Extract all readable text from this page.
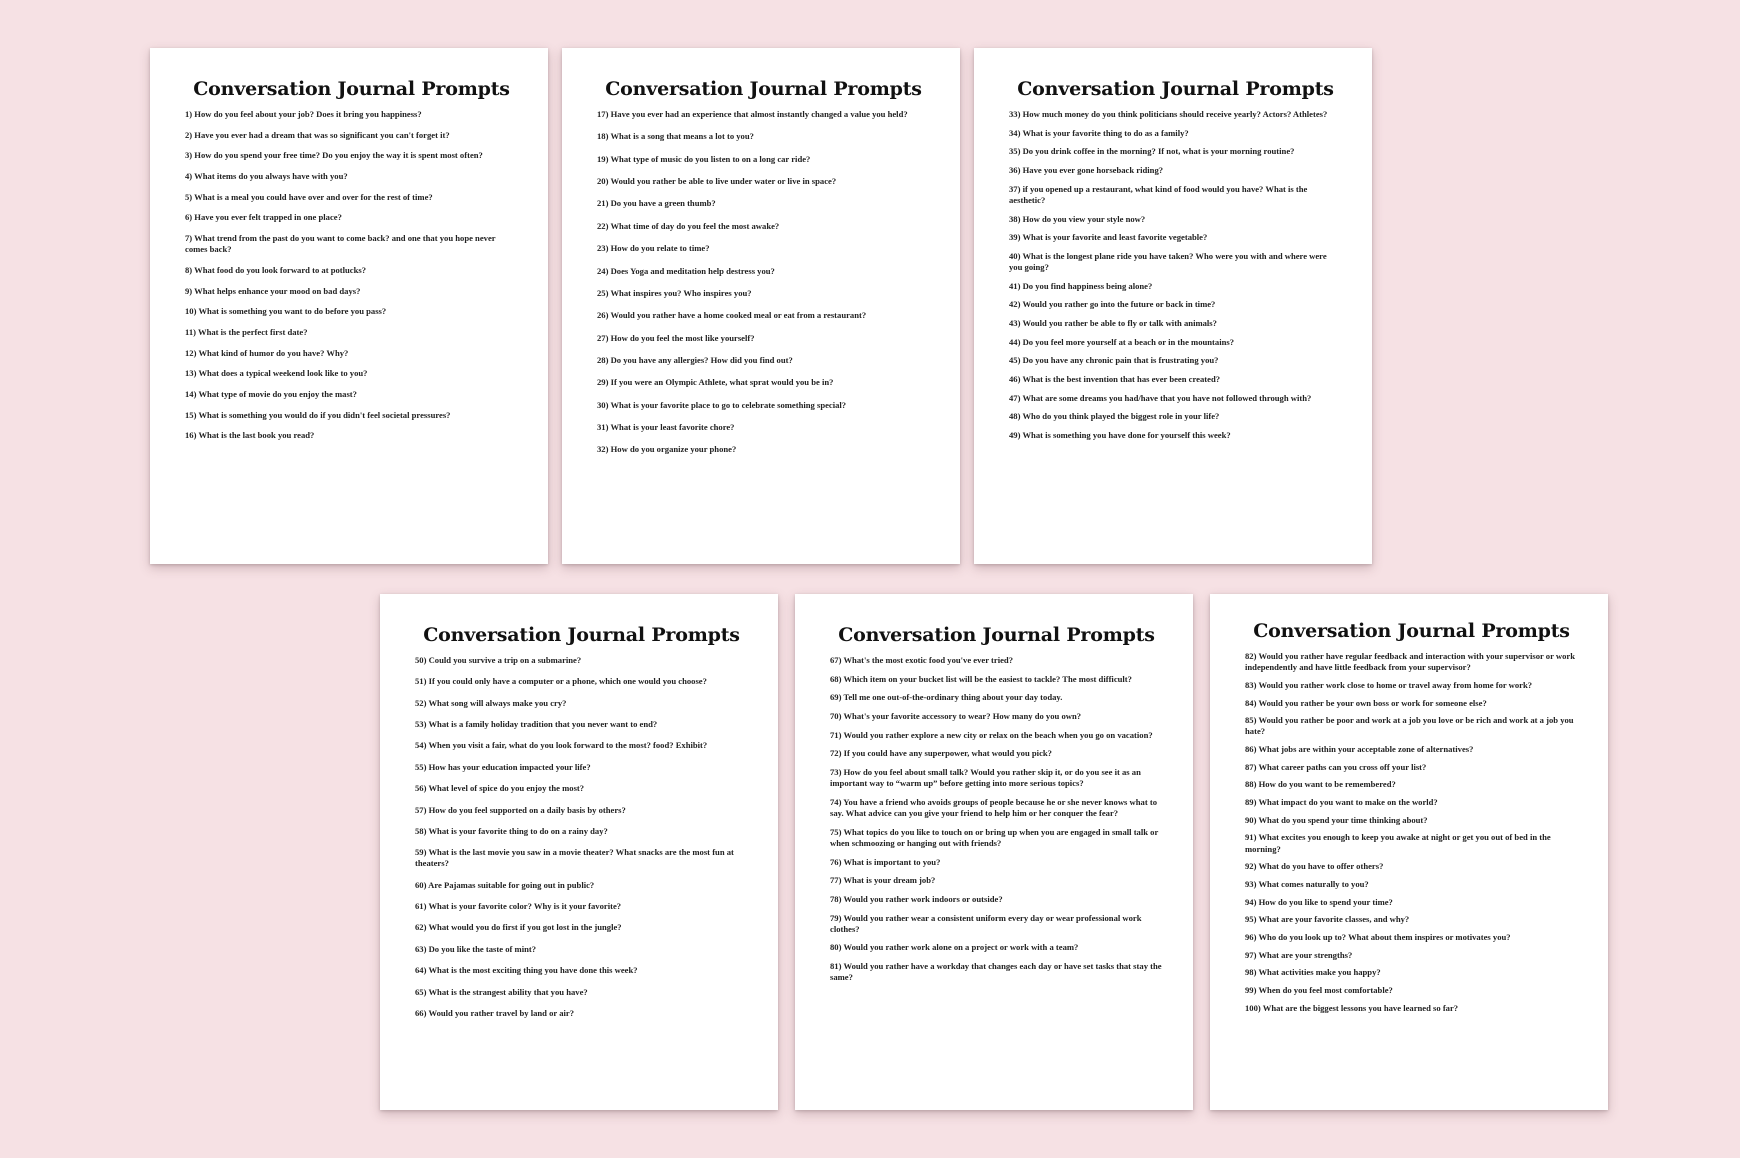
Conversation Journal Prompts
1) How do you feel about your job? Does it bring you happiness?
2) Have you ever had a dream that was so significant you can't forget it?
3) How do you spend your free time? Do you enjoy the way it is spent most often?
4) What items do you always have with you?
5) What is a meal you could have over and over for the rest of time?
6) Have you ever felt trapped in one place?
7) What trend from the past do you want to come back? and one that you hope never comes back?
8) What food do you look forward to at potlucks?
9) What helps enhance your mood on bad days?
10) What is something you want to do before you pass?
11) What is the perfect first date?
12) What kind of humor do you have? Why?
13) What does a typical weekend look like to you?
14) What type of movie do you enjoy the mast?
15) What is something you would do if you didn't feel societal pressures?
16) What is the last book you read?
Conversation Journal Prompts
17) Have you ever had an experience that almost instantly changed a value you held?
18) What is a song that means a lot to you?
19) What type of music do you listen to on a long car ride?
20) Would you rather be able to live under water or live in space?
21) Do you have a green thumb?
22) What time of day do you feel the most awake?
23) How do you relate to time?
24) Does Yoga and meditation help destress you?
25) What inspires you? Who inspires you?
26) Would you rather have a home cooked meal or eat from a restaurant?
27) How do you feel the most like yourself?
28) Do you have any allergies? How did you find out?
29) If you were an Olympic Athlete, what sprat would you be in?
30) What is your favorite place to go to celebrate something special?
31) What is your least favorite chore?
32) How do you organize your phone?
Conversation Journal Prompts
33) How much money do you think politicians should receive yearly? Actors? Athletes?
34) What is your favorite thing to do as a family?
35) Do you drink coffee in the morning? If not, what is your morning routine?
36) Have you ever gone horseback riding?
37) if you opened up a restaurant, what kind of food would you have? What is the aesthetic?
38) How do you view your style now?
39) What is your favorite and least favorite vegetable?
40) What is the longest plane ride you have taken? Who were you with and where were you going?
41) Do you find happiness being alone?
42) Would you rather go into the future or back in time?
43) Would you rather be able to fly or talk with animals?
44) Do you feel more yourself at a beach or in the mountains?
45) Do you have any chronic pain that is frustrating you?
46) What is the best invention that has ever been created?
47) What are some dreams you had/have that you have not followed through with?
48) Who do you think played the biggest role in your life?
49) What is something you have done for yourself this week?
Conversation Journal Prompts
50) Could you survive a trip on a submarine?
51) If you could only have a computer or a phone, which one would you choose?
52) What song will always make you cry?
53) What is a family holiday tradition that you never want to end?
54) When you visit a fair, what do you look forward to the most? food? Exhibit?
55) How has your education impacted your life?
56) What level of spice do you enjoy the most?
57) How do you feel supported on a daily basis by others?
58) What is your favorite thing to do on a rainy day?
59) What is the last movie you saw in a movie theater? What snacks are the most fun at theaters?
60) Are Pajamas suitable for going out in public?
61) What is your favorite color? Why is it your favorite?
62) What would you do first if you got lost in the jungle?
63) Do you like the taste of mint?
64) What is the most exciting thing you have done this week?
65) What is the strangest ability that you have?
66) Would you rather travel by land or air?
Conversation Journal Prompts
67) What's the most exotic food you've ever tried?
68) Which item on your bucket list will be the easiest to tackle? The most difficult?
69) Tell me one out-of-the-ordinary thing about your day today.
70) What's your favorite accessory to wear? How many do you own?
71) Would you rather explore a new city or relax on the beach when you go on vacation?
72) If you could have any superpower, what would you pick?
73) How do you feel about small talk? Would you rather skip it, or do you see it as an important way to “warm up” before getting into more serious topics?
74) You have a friend who avoids groups of people because he or she never knows what to say. What advice can you give your friend to help him or her conquer the fear?
75) What topics do you like to touch on or bring up when you are engaged in small talk or when schmoozing or hanging out with friends?
76) What is important to you?
77) What is your dream job?
78) Would you rather work indoors or outside?
79) Would you rather wear a consistent uniform every day or wear professional work clothes?
80) Would you rather work alone on a project or work with a team?
81) Would you rather have a workday that changes each day or have set tasks that stay the same?
Conversation Journal Prompts
82) Would you rather have regular feedback and interaction with your supervisor or work independently and have little feedback from your supervisor?
83) Would you rather work close to home or travel away from home for work?
84) Would you rather be your own boss or work for someone else?
85) Would you rather be poor and work at a job you love or be rich and work at a job you hate?
86) What jobs are within your acceptable zone of alternatives?
87) What career paths can you cross off your list?
88) How do you want to be remembered?
89) What impact do you want to make on the world?
90) What do you spend your time thinking about?
91) What excites you enough to keep you awake at night or get you out of bed in the morning?
92) What do you have to offer others?
93) What comes naturally to you?
94) How do you like to spend your time?
95) What are your favorite classes, and why?
96) Who do you look up to? What about them inspires or motivates you?
97) What are your strengths?
98) What activities make you happy?
99) When do you feel most comfortable?
100) What are the biggest lessons you have learned so far?
